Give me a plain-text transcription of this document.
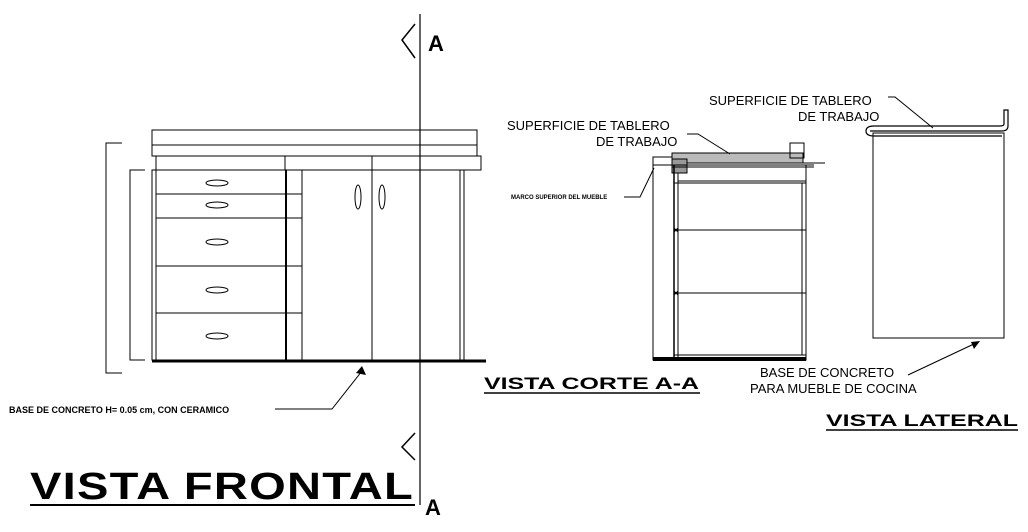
A
A
BASE DE CONCRETO H= 0.05 cm, CON CERAMICO
VISTA FRONTAL
SUPERFICIE DE TABLERO
DE TRABAJO
MARCO SUPERIOR DEL MUEBLE
VISTA CORTE A-A
SUPERFICIE DE TABLERO
DE TRABAJO
BASE DE CONCRETO
PARA MUEBLE DE COCINA
VISTA LATERAL
